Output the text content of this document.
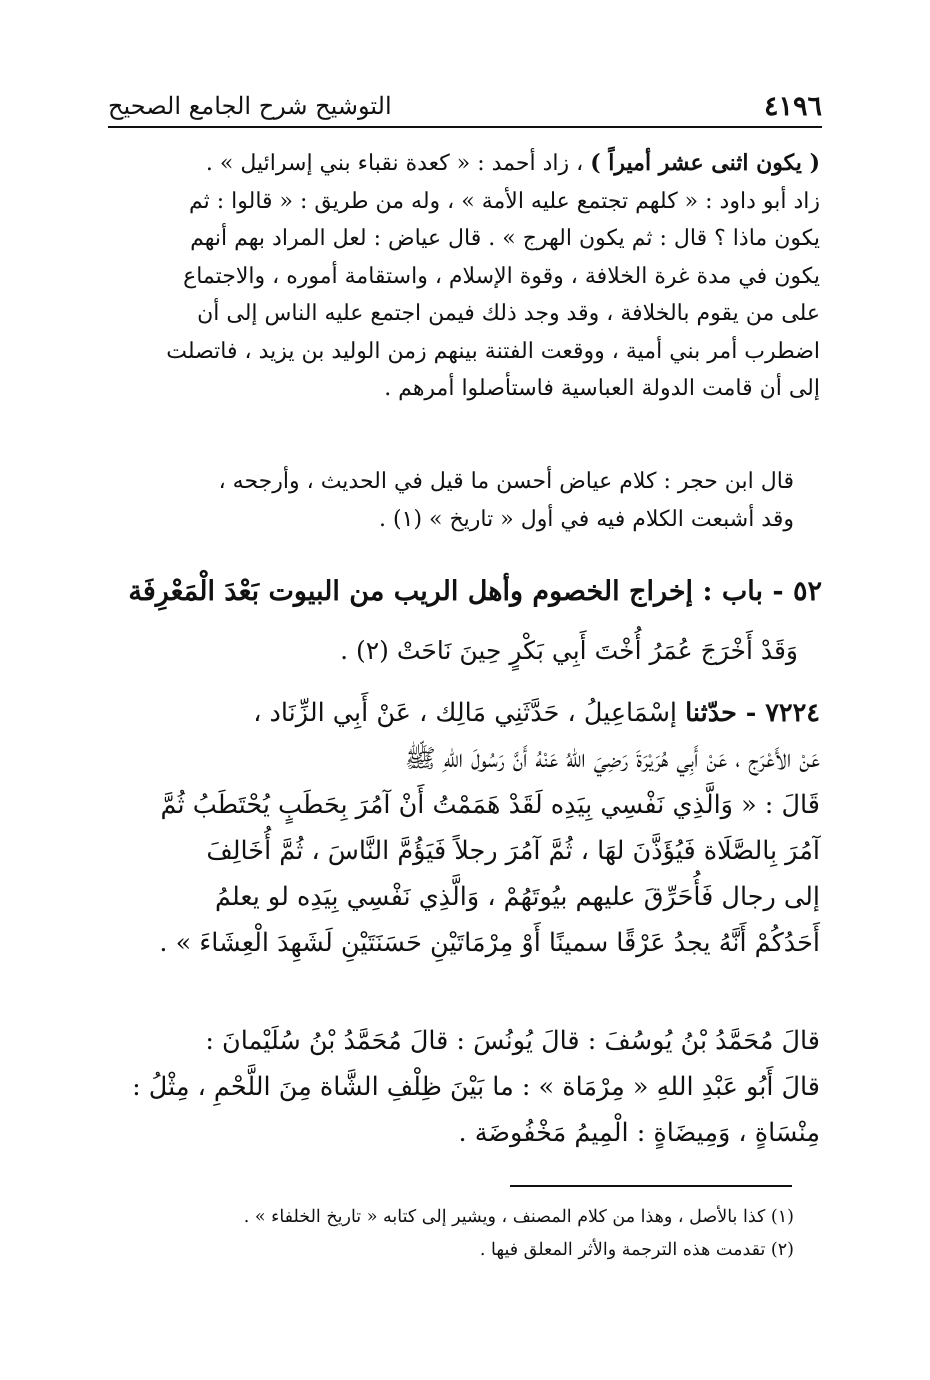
٤١٩٦
التوشيح شرح الجامع الصحيح
( يكون اثنى عشر أميراً ) ، زاد أحمد : « كعدة نقباء بني إسرائيل » .
زاد أبو داود : « كلهم تجتمع عليه الأمة » ، وله من طريق : « قالوا : ثم
يكون ماذا ؟ قال : ثم يكون الهرج » . قال عياض : لعل المراد بهم أنهم
يكون في مدة غرة الخلافة ، وقوة الإسلام ، واستقامة أموره ، والاجتماع
على من يقوم بالخلافة ، وقد وجد ذلك فيمن اجتمع عليه الناس إلى أن
اضطرب أمر بني أمية ، ووقعت الفتنة بينهم زمن الوليد بن يزيد ، فاتصلت
إلى أن قامت الدولة العباسية فاستأصلوا أمرهم .
قال ابن حجر : كلام عياض أحسن ما قيل في الحديث ، وأرجحه ،
وقد أشبعت الكلام فيه في أول « تاريخ » (١) .
٥٢ - باب : إخراج الخصوم وأهل الريب من البيوت بَعْدَ الْمَعْرِفَة
وَقَدْ أَخْرَجَ عُمَرُ أُخْتَ أَبِي بَكْرٍ حِينَ نَاحَتْ (٢) .
٧٢٢٤ - حدّثنا إسْمَاعِيلُ ، حَدَّثَنِي مَالِك ، عَنْ أَبِي الزِّنَاد ،
عَنْ الأَعْرَج ، عَنْ أَبِي هُرَيْرَةَ رَضِيَ اللهُ عَنْهُ أَنَّ رَسُولَ اللهِ ﷺ
قَالَ : « وَالَّذِي نَفْسِي بِيَدِه لَقَدْ هَمَمْتُ أَنْ آمُرَ بِحَطَبٍ يُحْتَطَبُ ثُمَّ
آمُرَ بِالصَّلَاة فَيُؤَذَّنَ لهَا ، ثُمَّ آمُرَ رجلاً فَيَؤُمَّ النَّاسَ ، ثُمَّ أُخَالِفَ
إلى رجال فَأُحَرِّقَ عليهم بيُوتَهُمْ ، وَالَّذِي نَفْسِي بِيَدِه لو يعلمُ
أَحَدُكُمْ أَنَّهُ يجدُ عَرْقًا سمينًا أَوْ مِرْمَاتَيْنِ حَسَنَتَيْنِ لَشَهِدَ الْعِشَاءَ » .
قالَ مُحَمَّدُ بْنُ يُوسُفَ : قالَ يُونُسَ : قالَ مُحَمَّدُ بْنُ سُلَيْمانَ :
قالَ أَبُو عَبْدِ اللهِ « مِرْمَاة » : ما بَيْنَ ظِلْفِ الشَّاة مِنَ اللَّحْمِ ، مِثْلُ :
مِنْسَاةٍ ، وَمِيضَاةٍ : الْمِيمُ مَخْفُوضَة .
(١) كذا بالأصل ، وهذا من كلام المصنف ، ويشير إلى كتابه « تاريخ الخلفاء » .
(٢) تقدمت هذه الترجمة والأثر المعلق فيها .
